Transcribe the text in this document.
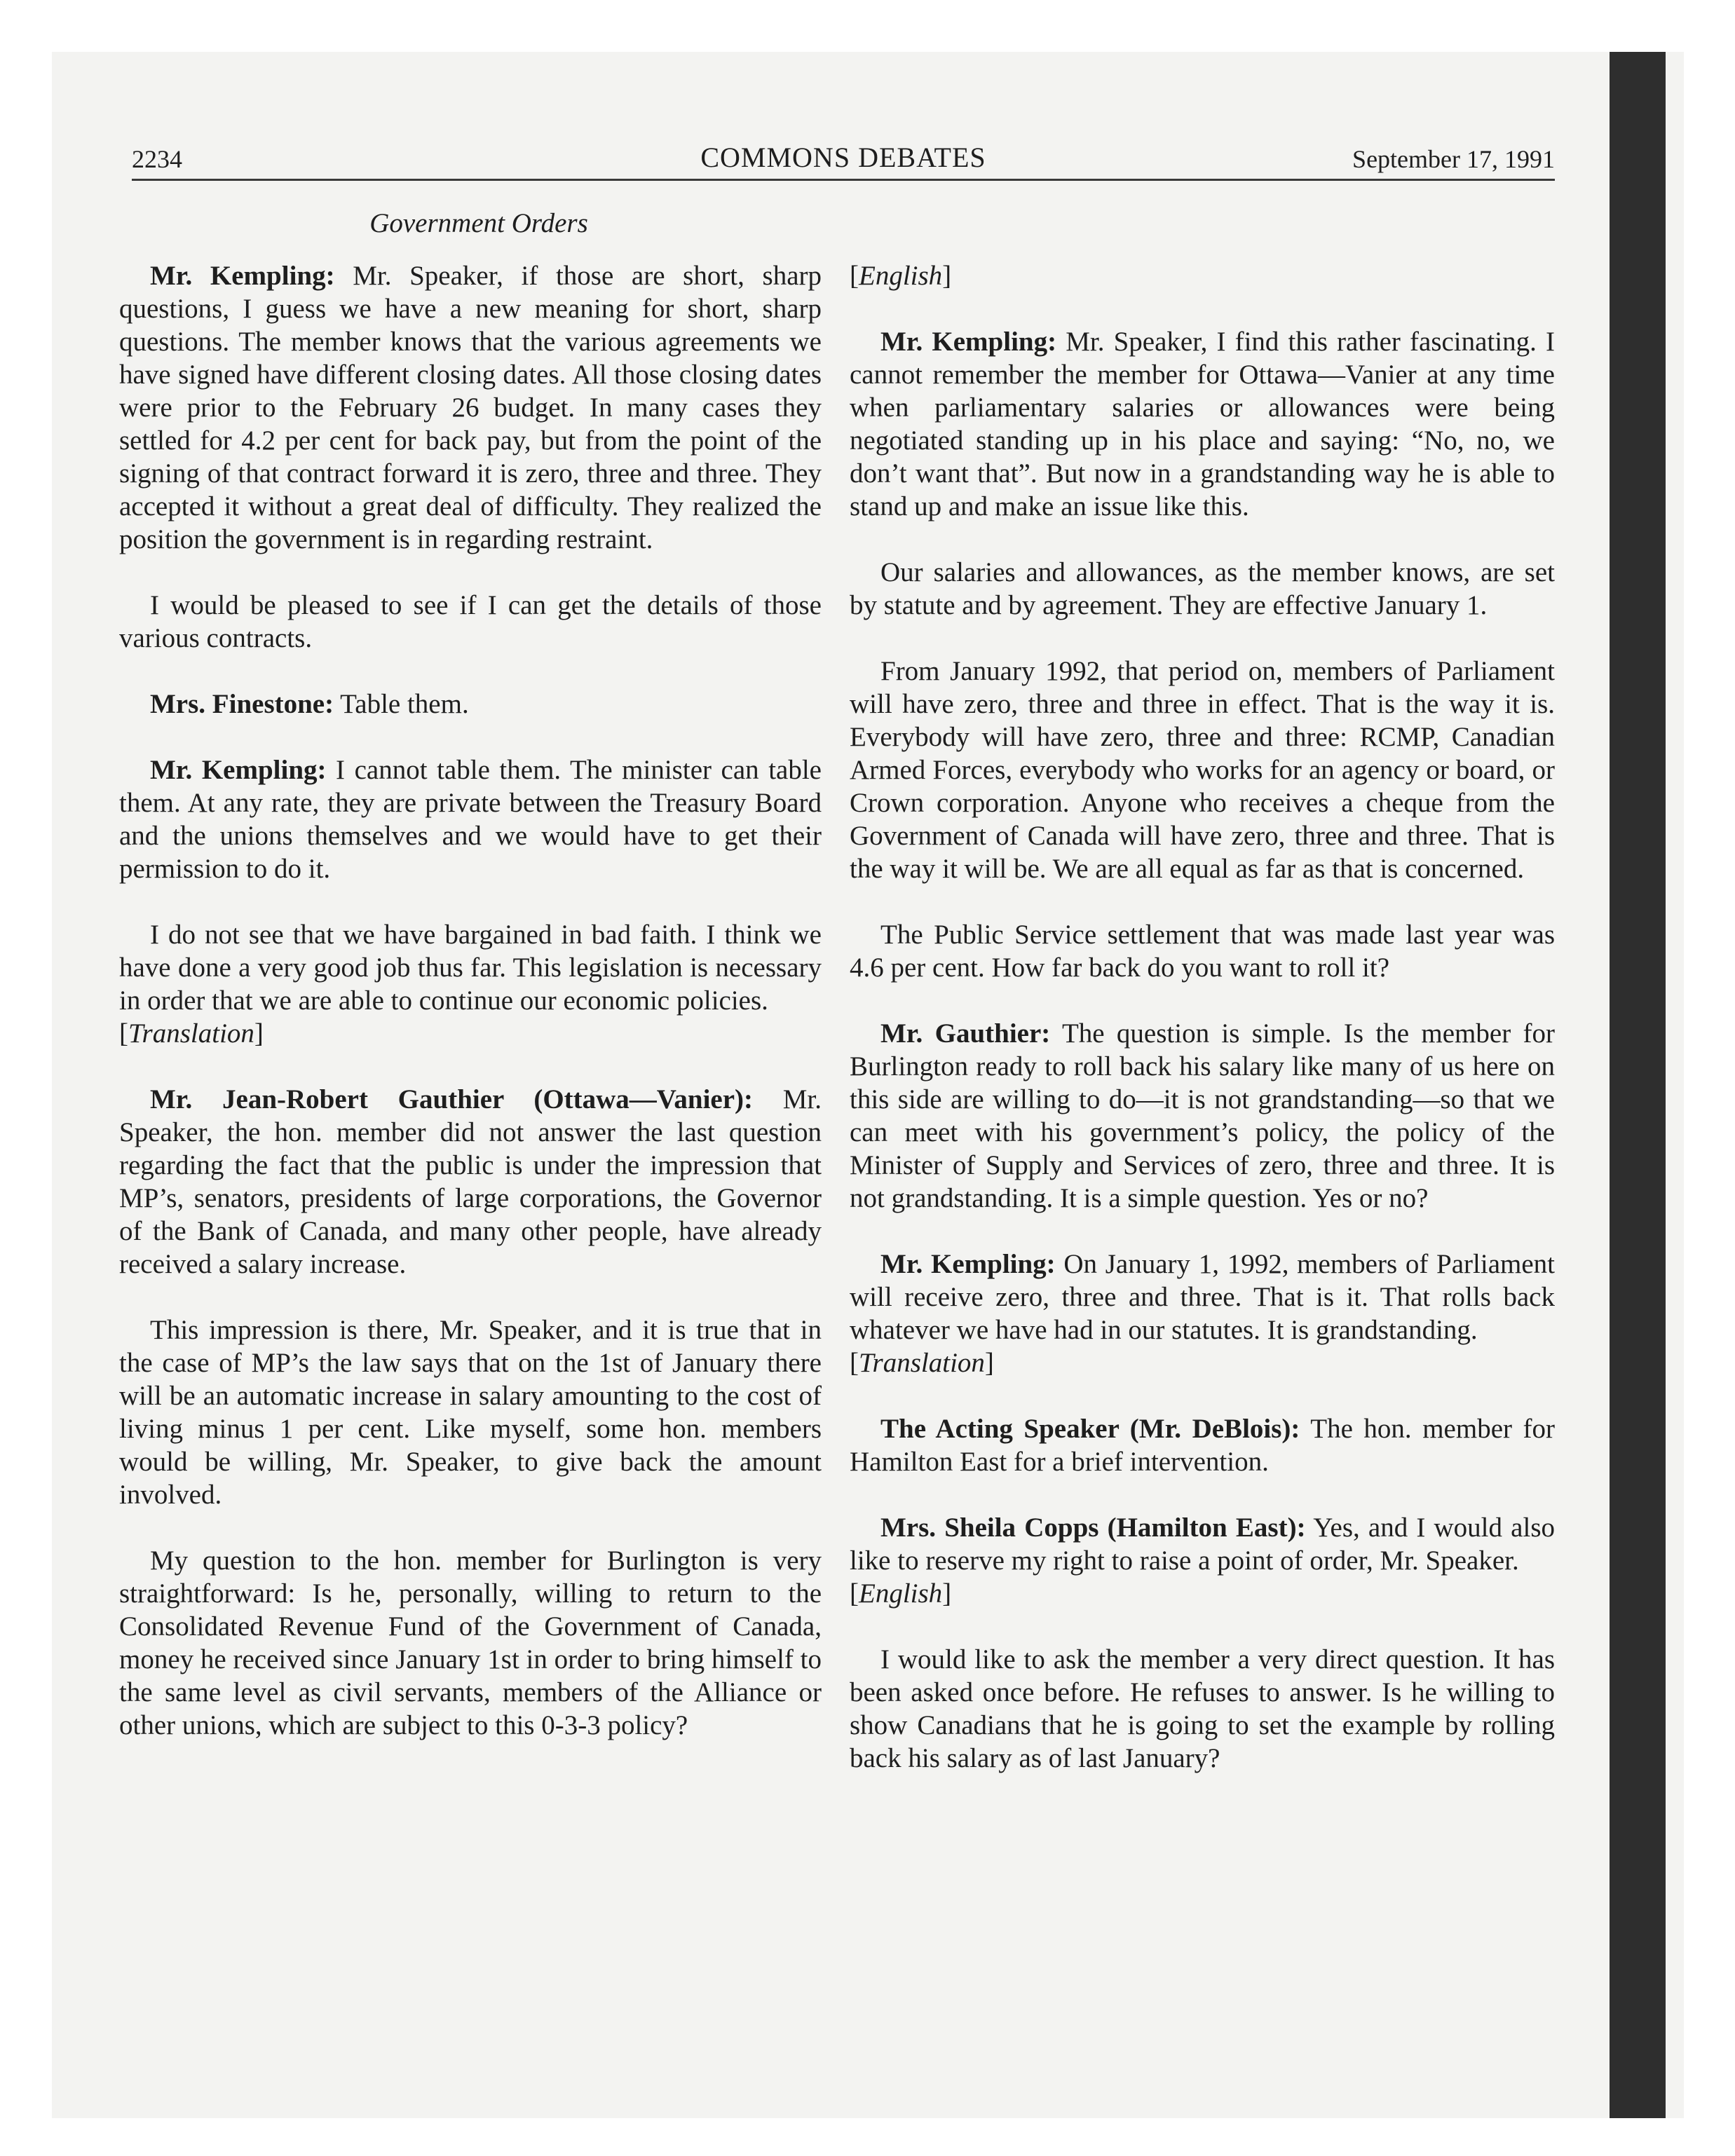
2234	COMMONS DEBATES	September 17, 1991
Government Orders

Mr. Kempling: Mr. Speaker, if those are short, sharp questions, I guess we have a new meaning for short, sharp questions. The member knows that the various agreements we have signed have different closing dates. All those closing dates were prior to the February 26 budget. In many cases they settled for 4.2 per cent for back pay, but from the point of the signing of that contract forward it is zero, three and three. They accepted it without a great deal of difficulty. They realized the position the government is in regarding restraint.

I would be pleased to see if I can get the details of those various contracts.

Mrs. Finestone: Table them.

Mr. Kempling: I cannot table them. The minister can table them. At any rate, they are private between the Treasury Board and the unions themselves and we would have to get their permission to do it.

I do not see that we have bargained in bad faith. I think we have done a very good job thus far. This legislation is necessary in order that we are able to continue our economic policies.

[Translation]

Mr. Jean-Robert Gauthier (Ottawa—Vanier): Mr. Speaker, the hon. member did not answer the last question regarding the fact that the public is under the impression that MP’s, senators, presidents of large corporations, the Governor of the Bank of Canada, and many other people, have already received a salary increase.

This impression is there, Mr. Speaker, and it is true that in the case of MP’s the law says that on the 1st of January there will be an automatic increase in salary amounting to the cost of living minus 1 per cent. Like myself, some hon. members would be willing, Mr. Speaker, to give back the amount involved.

My question to the hon. member for Burlington is very straightforward: Is he, personally, willing to return to the Consolidated Revenue Fund of the Government of Canada, money he received since January 1st in order to bring himself to the same level as civil servants, members of the Alliance or other unions, which are subject to this 0-3-3 policy?

[English]

Mr. Kempling: Mr. Speaker, I find this rather fascinating. I cannot remember the member for Ottawa—Vanier at any time when parliamentary salaries or allowances were being negotiated standing up in his place and saying: “No, no, we don’t want that”. But now in a grandstanding way he is able to stand up and make an issue like this.

Our salaries and allowances, as the member knows, are set by statute and by agreement. They are effective January 1.

From January 1992, that period on, members of Parliament will have zero, three and three in effect. That is the way it is. Everybody will have zero, three and three: RCMP, Canadian Armed Forces, everybody who works for an agency or board, or Crown corporation. Anyone who receives a cheque from the Government of Canada will have zero, three and three. That is the way it will be. We are all equal as far as that is concerned.

The Public Service settlement that was made last year was 4.6 per cent. How far back do you want to roll it?

Mr. Gauthier: The question is simple. Is the member for Burlington ready to roll back his salary like many of us here on this side are willing to do—it is not grandstanding—so that we can meet with his government’s policy, the policy of the Minister of Supply and Services of zero, three and three. It is not grandstanding. It is a simple question. Yes or no?

Mr. Kempling: On January 1, 1992, members of Parliament will receive zero, three and three. That is it. That rolls back whatever we have had in our statutes. It is grandstanding.

[Translation]

The Acting Speaker (Mr. DeBlois): The hon. member for Hamilton East for a brief intervention.

Mrs. Sheila Copps (Hamilton East): Yes, and I would also like to reserve my right to raise a point of order, Mr. Speaker.

[English]

I would like to ask the member a very direct question. It has been asked once before. He refuses to answer. Is he willing to show Canadians that he is going to set the example by rolling back his salary as of last January?
